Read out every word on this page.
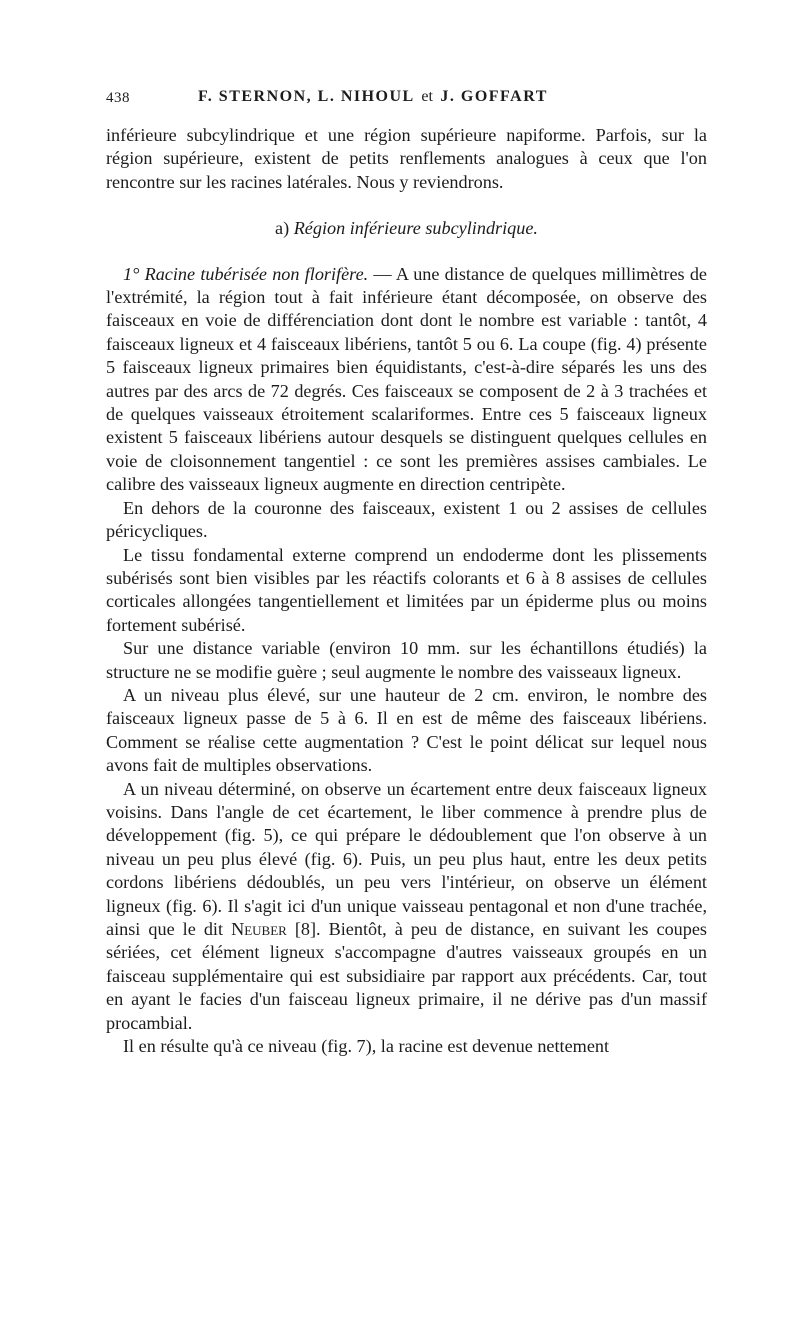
438	F. STERNON, L. NIHOUL et J. GOFFART

inférieure subcylindrique et une région supérieure napiforme. Parfois, sur la région supérieure, existent de petits renflements analogues à ceux que l'on rencontre sur les racines latérales. Nous y reviendrons.

a) Région inférieure subcylindrique.

1° Racine tubérisée non florifère. — A une distance de quelques millimètres de l'extrémité, la région tout à fait inférieure étant décomposée, on observe des faisceaux en voie de différenciation dont dont le nombre est variable : tantôt, 4 faisceaux ligneux et 4 faisceaux libériens, tantôt 5 ou 6. La coupe (fig. 4) présente 5 faisceaux ligneux primaires bien équidistants, c'est-à-dire séparés les uns des autres par des arcs de 72 degrés. Ces faisceaux se composent de 2 à 3 trachées et de quelques vaisseaux étroitement scalariformes. Entre ces 5 faisceaux ligneux existent 5 faisceaux libériens autour desquels se distinguent quelques cellules en voie de cloisonnement tangentiel : ce sont les premières assises cambiales. Le calibre des vaisseaux ligneux augmente en direction centripète.

En dehors de la couronne des faisceaux, existent 1 ou 2 assises de cellules péricycliques.

Le tissu fondamental externe comprend un endoderme dont les plissements subérisés sont bien visibles par les réactifs colorants et 6 à 8 assises de cellules corticales allongées tangentiellement et limitées par un épiderme plus ou moins fortement subérisé.

Sur une distance variable (environ 10 mm. sur les échantillons étudiés) la structure ne se modifie guère ; seul augmente le nombre des vaisseaux ligneux.

A un niveau plus élevé, sur une hauteur de 2 cm. environ, le nombre des faisceaux ligneux passe de 5 à 6. Il en est de même des faisceaux libériens. Comment se réalise cette augmentation ? C'est le point délicat sur lequel nous avons fait de multiples observations.

A un niveau déterminé, on observe un écartement entre deux faisceaux ligneux voisins. Dans l'angle de cet écartement, le liber commence à prendre plus de développement (fig. 5), ce qui prépare le dédoublement que l'on observe à un niveau un peu plus élevé (fig. 6). Puis, un peu plus haut, entre les deux petits cordons libériens dédoublés, un peu vers l'intérieur, on observe un élément ligneux (fig. 6). Il s'agit ici d'un unique vaisseau pentagonal et non d'une trachée, ainsi que le dit Neuber [8]. Bientôt, à peu de distance, en suivant les coupes sériées, cet élément ligneux s'accompagne d'autres vaisseaux groupés en un faisceau supplémentaire qui est subsidiaire par rapport aux précédents. Car, tout en ayant le facies d'un faisceau ligneux primaire, il ne dérive pas d'un massif procambial.

Il en résulte qu'à ce niveau (fig. 7), la racine est devenue nettement
